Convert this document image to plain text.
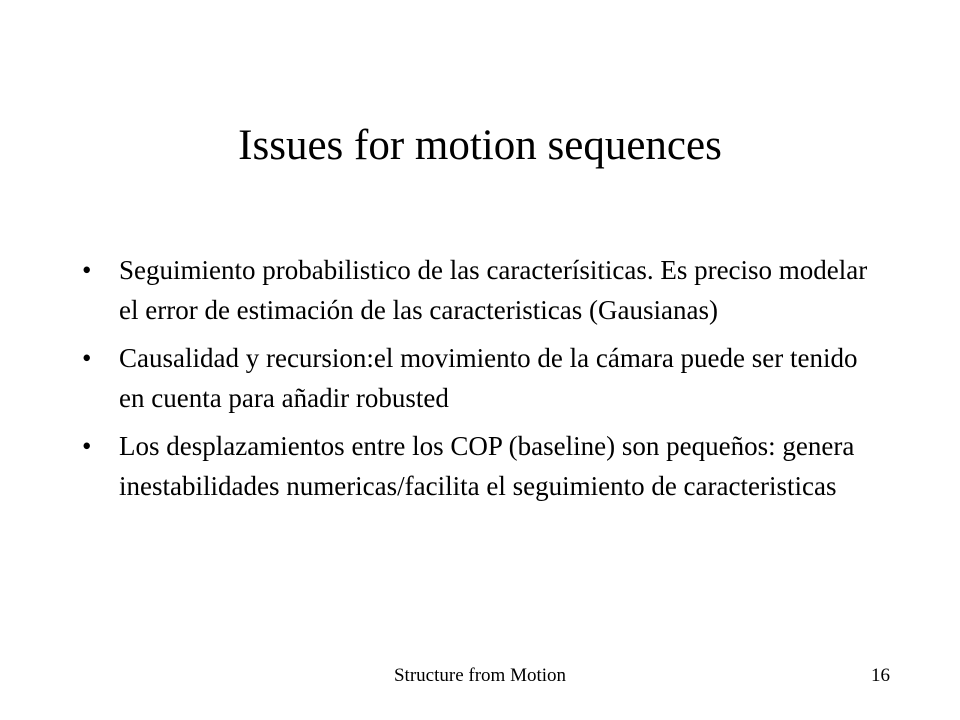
Issues for motion sequences
•	Seguimiento probabilistico de las caracterísiticas. Es preciso modelar el error de estimación de las caracteristicas (Gausianas)
•	Causalidad y recursion:el movimiento de la cámara puede ser tenido en cuenta para añadir robusted
•	Los desplazamientos entre los COP (baseline) son pequeños: genera inestabilidades numericas/facilita el seguimiento de caracteristicas
Structure from Motion	16
